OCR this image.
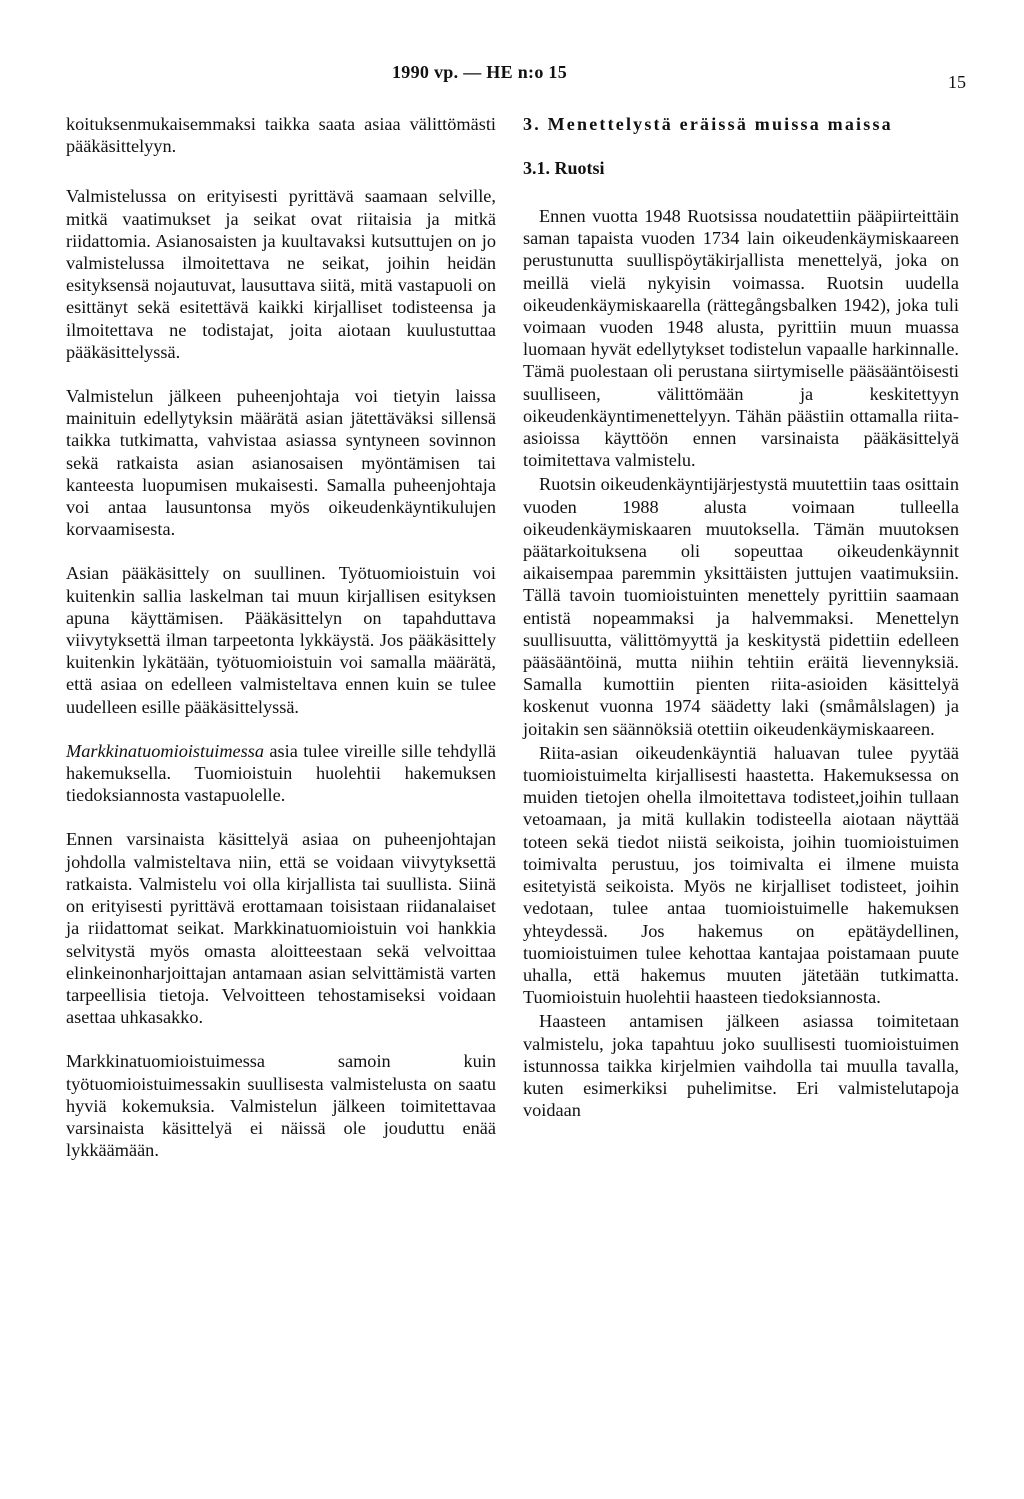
1990 vp. — HE n:o 15	15

koituksenmukaisemmaksi taikka saata asiaa välittömästi pääkäsittelyyn.

Valmistelussa on erityisesti pyrittävä saamaan selville, mitkä vaatimukset ja seikat ovat riitaisia ja mitkä riidattomia. Asianosaisten ja kuultavaksi kutsuttujen on jo valmistelussa ilmoitettava ne seikat, joihin heidän esityksensä nojautuvat, lausuttava siitä, mitä vastapuoli on esittänyt sekä esitettävä kaikki kirjalliset todisteensa ja ilmoitettava ne todistajat, joita aiotaan kuulustuttaa pääkäsittelyssä.

Valmistelun jälkeen puheenjohtaja voi tietyin laissa mainituin edellytyksin määrätä asian jätettäväksi sillensä taikka tutkimatta, vahvistaa asiassa syntyneen sovinnon sekä ratkaista asian asianosaisen myöntämisen tai kanteesta luopumisen mukaisesti. Samalla puheenjohtaja voi antaa lausuntonsa myös oikeudenkäyntikulujen korvaamisesta.

Asian pääkäsittely on suullinen. Työtuomioistuin voi kuitenkin sallia laskelman tai muun kirjallisen esityksen apuna käyttämisen. Pääkäsittelyn on tapahduttava viivytyksettä ilman tarpeetonta lykkäystä. Jos pääkäsittely kuitenkin lykätään, työtuomioistuin voi samalla määrätä, että asiaa on edelleen valmisteltava ennen kuin se tulee uudelleen esille pääkäsittelyssä.

Markkinatuomioistuimessa asia tulee vireille sille tehdyllä hakemuksella. Tuomioistuin huolehtii hakemuksen tiedoksiannosta vastapuolelle.

Ennen varsinaista käsittelyä asiaa on puheenjohtajan johdolla valmisteltava niin, että se voidaan viivytyksettä ratkaista. Valmistelu voi olla kirjallista tai suullista. Siinä on erityisesti pyrittävä erottamaan toisistaan riidanalaiset ja riidattomat seikat. Markkinatuomioistuin voi hankkia selvitystä myös omasta aloitteestaan sekä velvoittaa elinkeinonharjoittajan antamaan asian selvittämistä varten tarpeellisia tietoja. Velvoitteen tehostamiseksi voidaan asettaa uhkasakko.

Markkinatuomioistuimessa samoin kuin työtuomioistuimessakin suullisesta valmistelusta on saatu hyviä kokemuksia. Valmistelun jälkeen toimitettavaa varsinaista käsittelyä ei näissä ole jouduttu enää lykkäämään.

3. Menettelystä eräissä muissa maissa
3.1. Ruotsi

Ennen vuotta 1948 Ruotsissa noudatettiin pääpiirteittäin saman tapaista vuoden 1734 lain oikeudenkäymiskaareen perustunutta suullispöytäkirjallista menettelyä, joka on meillä vielä nykyisin voimassa. Ruotsin uudella oikeudenkäymiskaarella (rättegångsbalken 1942), joka tuli voimaan vuoden 1948 alusta, pyrittiin muun muassa luomaan hyvät edellytykset todistelun vapaalle harkinnalle. Tämä puolestaan oli perustana siirtymiselle pääsääntöisesti suulliseen, välittömään ja keskitettyyn oikeudenkäyntimenettelyyn. Tähän päästiin ottamalla riita-asioissa käyttöön ennen varsinaista pääkäsittelyä toimitettava valmistelu.

Ruotsin oikeudenkäyntijärjestystä muutettiin taas osittain vuoden 1988 alusta voimaan tulleella oikeudenkäymiskaaren muutoksella. Tämän muutoksen päätarkoituksena oli sopeuttaa oikeudenkäynnit aikaisempaa paremmin yksittäisten juttujen vaatimuksiin. Tällä tavoin tuomioistuinten menettely pyrittiin saamaan entistä nopeammaksi ja halvemmaksi. Menettelyn suullisuutta, välittömyyttä ja keskitystä pidettiin edelleen pääsääntöinä, mutta niihin tehtiin eräitä lievennyksiä. Samalla kumottiin pienten riita-asioiden käsittelyä koskenut vuonna 1974 säädetty laki (småmålslagen) ja joitakin sen säännöksiä otettiin oikeudenkäymiskaareen.

Riita-asian oikeudenkäyntiä haluavan tulee pyytää tuomioistuimelta kirjallisesti haastetta. Hakemuksessa on muiden tietojen ohella ilmoitettava todisteet,joihin tullaan vetoamaan, ja mitä kullakin todisteella aiotaan näyttää toteen sekä tiedot niistä seikoista, joihin tuomioistuimen toimivalta perustuu, jos toimivalta ei ilmene muista esitetyistä seikoista. Myös ne kirjalliset todisteet, joihin vedotaan, tulee antaa tuomioistuimelle hakemuksen yhteydessä. Jos hakemus on epätäydellinen, tuomioistuimen tulee kehottaa kantajaa poistamaan puute uhalla, että hakemus muuten jätetään tutkimatta. Tuomioistuin huolehtii haasteen tiedoksiannosta.

Haasteen antamisen jälkeen asiassa toimitetaan valmistelu, joka tapahtuu joko suullisesti tuomioistuimen istunnossa taikka kirjelmien vaihdolla tai muulla tavalla, kuten esimerkiksi puhelimitse. Eri valmistelutapoja voidaan
